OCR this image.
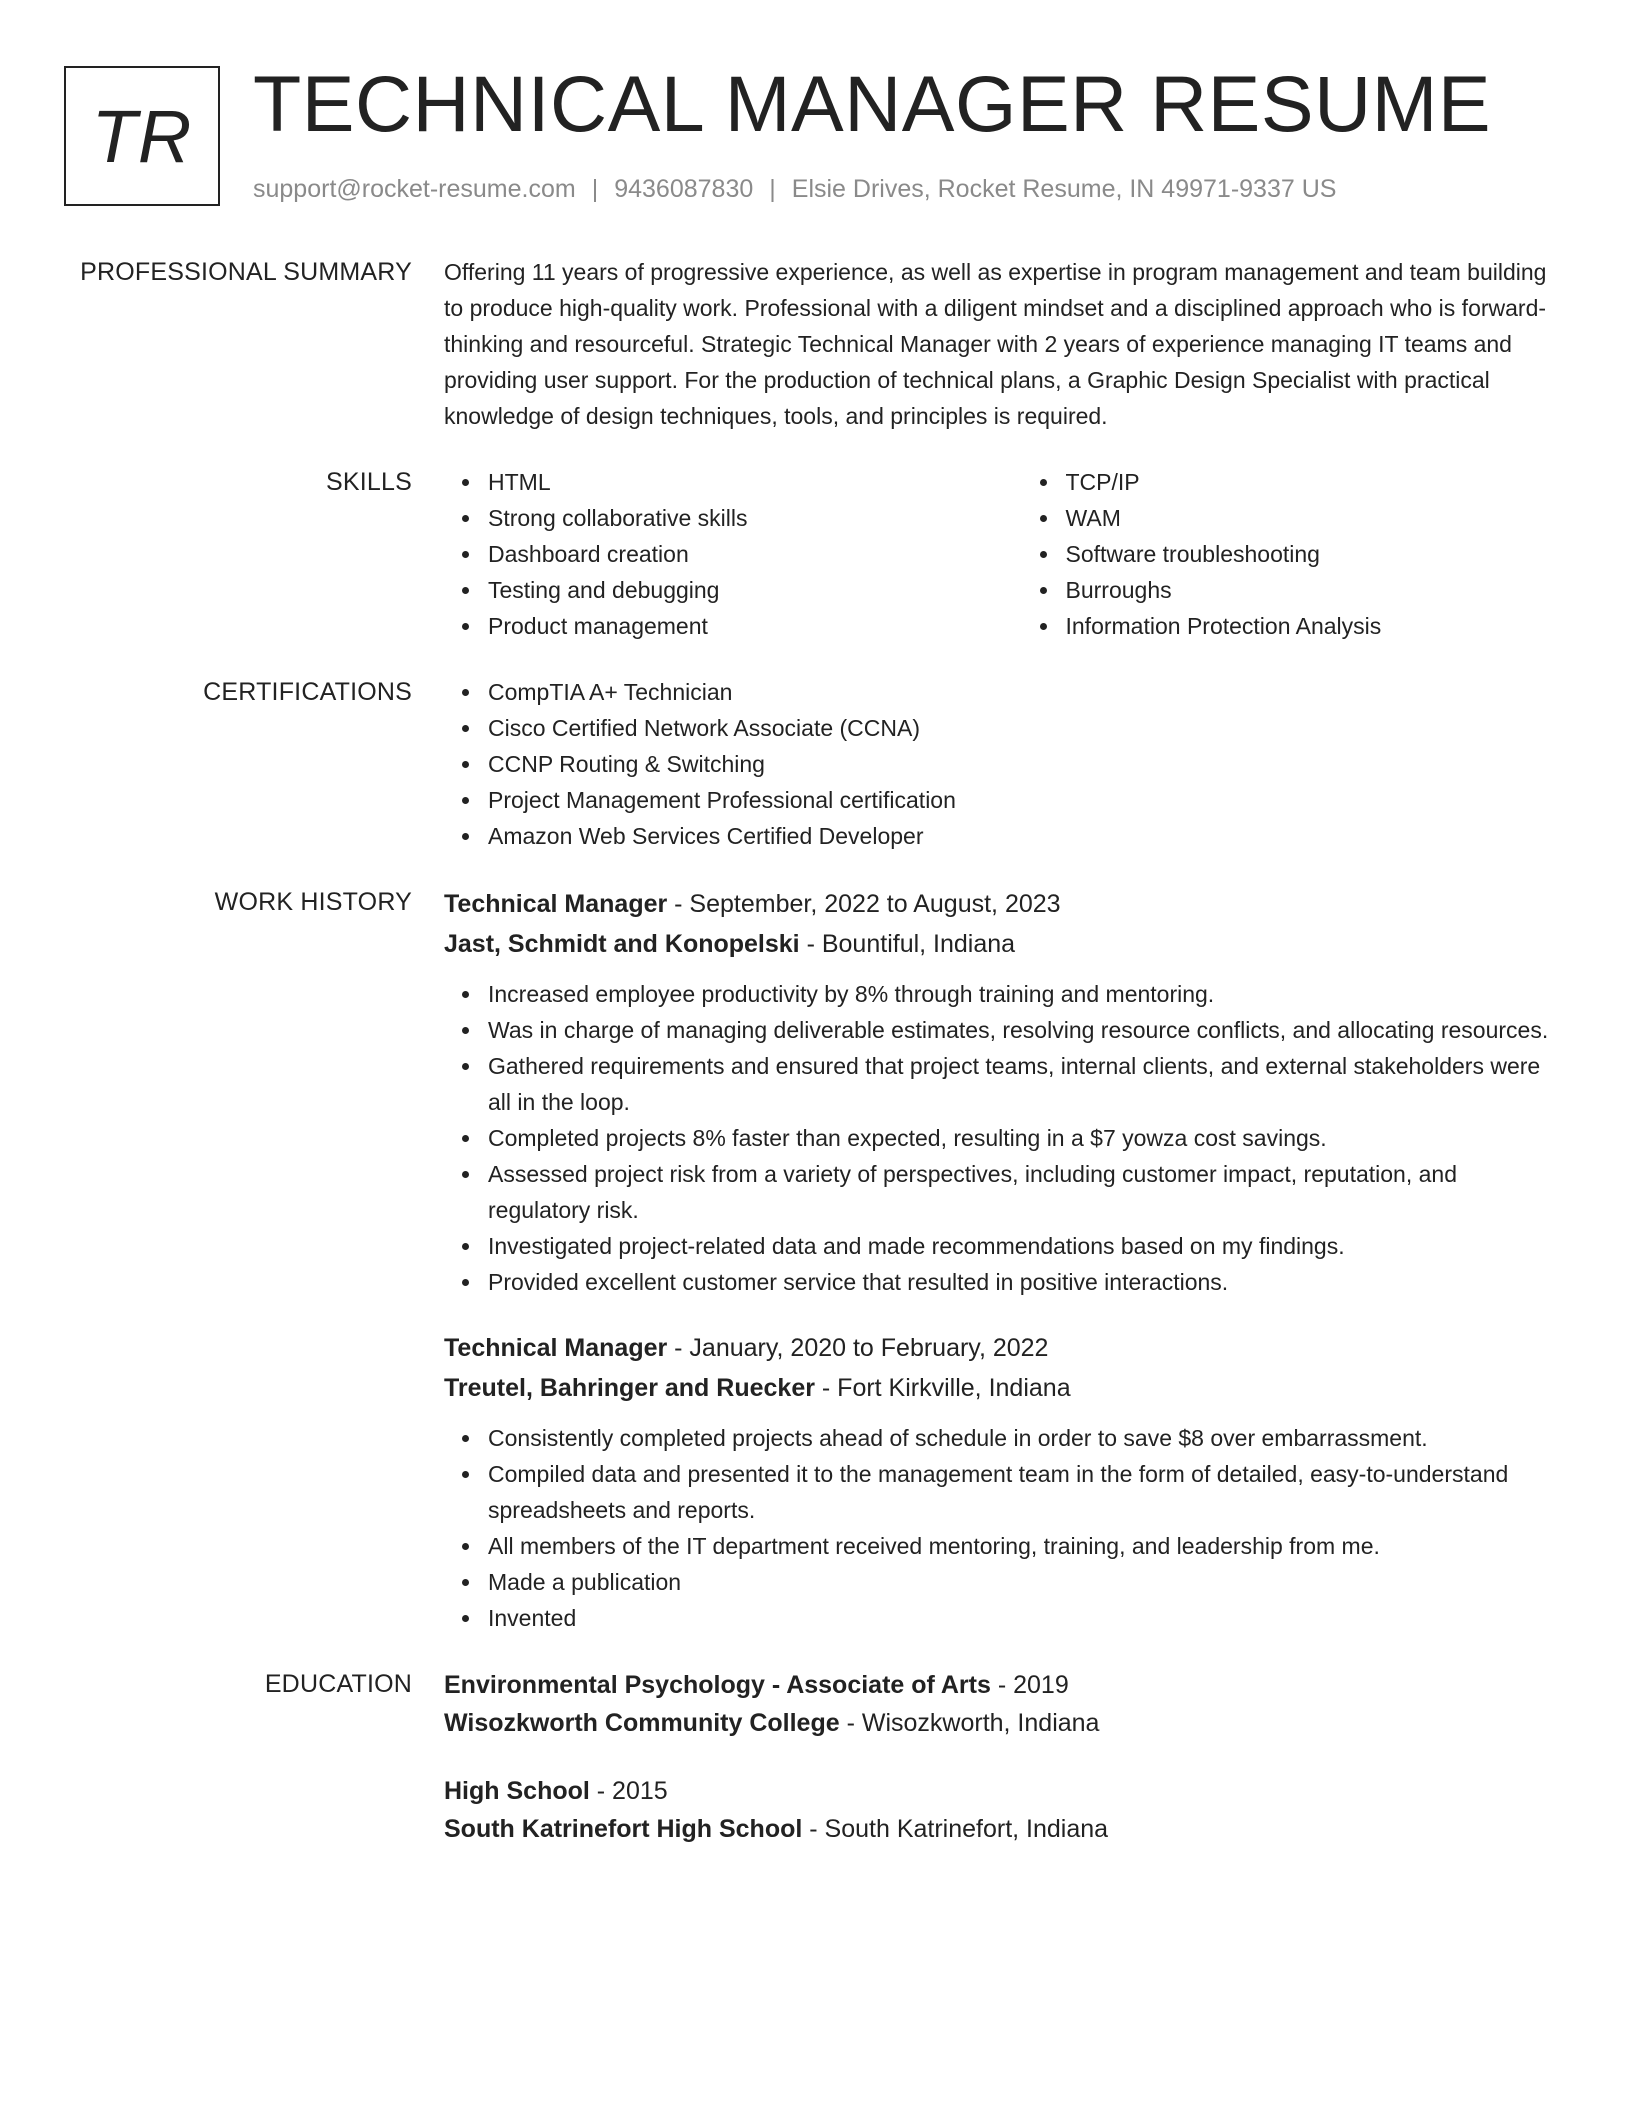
TR TECHNICAL MANAGER RESUME
support@rocket-resume.com | 9436087830 | Elsie Drives, Rocket Resume, IN 49971-9337 US
PROFESSIONAL SUMMARY Offering 11 years of progressive experience, as well as expertise in program management and team building to produce high-quality work. Professional with a diligent mindset and a disciplined approach who is forward-thinking and resourceful. Strategic Technical Manager with 2 years of experience managing IT teams and providing user support. For the production of technical plans, a Graphic Design Specialist with practical knowledge of design techniques, tools, and principles is required.

SKILLS	HTML
Strong collaborative skills
Dashboard creation
Testing and debugging
Product management
TCP/IP
WAM
Software troubleshooting
Burroughs
Information Protection Analysis
CERTIFICATIONS	CompTIA A+ Technician
Cisco Certified Network Associate (CCNA)
CCNP Routing & Switching
Project Management Professional certification
Amazon Web Services Certified Developer
WORK HISTORY Technical Manager - September, 2022 to August, 2023
Jast, Schmidt and Konopelski - Bountiful, Indiana
Increased employee productivity by 8% through training and mentoring.
Was in charge of managing deliverable estimates, resolving resource conflicts, and allocating resources.
Gathered requirements and ensured that project teams, internal clients, and external stakeholders were all in the loop.
Completed projects 8% faster than expected, resulting in a $7 yowza cost savings.
Assessed project risk from a variety of perspectives, including customer impact, reputation, and regulatory risk.
Investigated project-related data and made recommendations based on my findings.
Provided excellent customer service that resulted in positive interactions.
Technical Manager - January, 2020 to February, 2022
Treutel, Bahringer and Ruecker - Fort Kirkville, Indiana
Consistently completed projects ahead of schedule in order to save $8 over embarrassment.
Compiled data and presented it to the management team in the form of detailed, easy-to-understand spreadsheets and reports.
All members of the IT department received mentoring, training, and leadership from me.
Made a publication
Invented
EDUCATION Environmental Psychology - Associate of Arts - 2019
Wisozkworth Community College - Wisozkworth, Indiana
High School - 2015
South Katrinefort High School - South Katrinefort, Indiana
